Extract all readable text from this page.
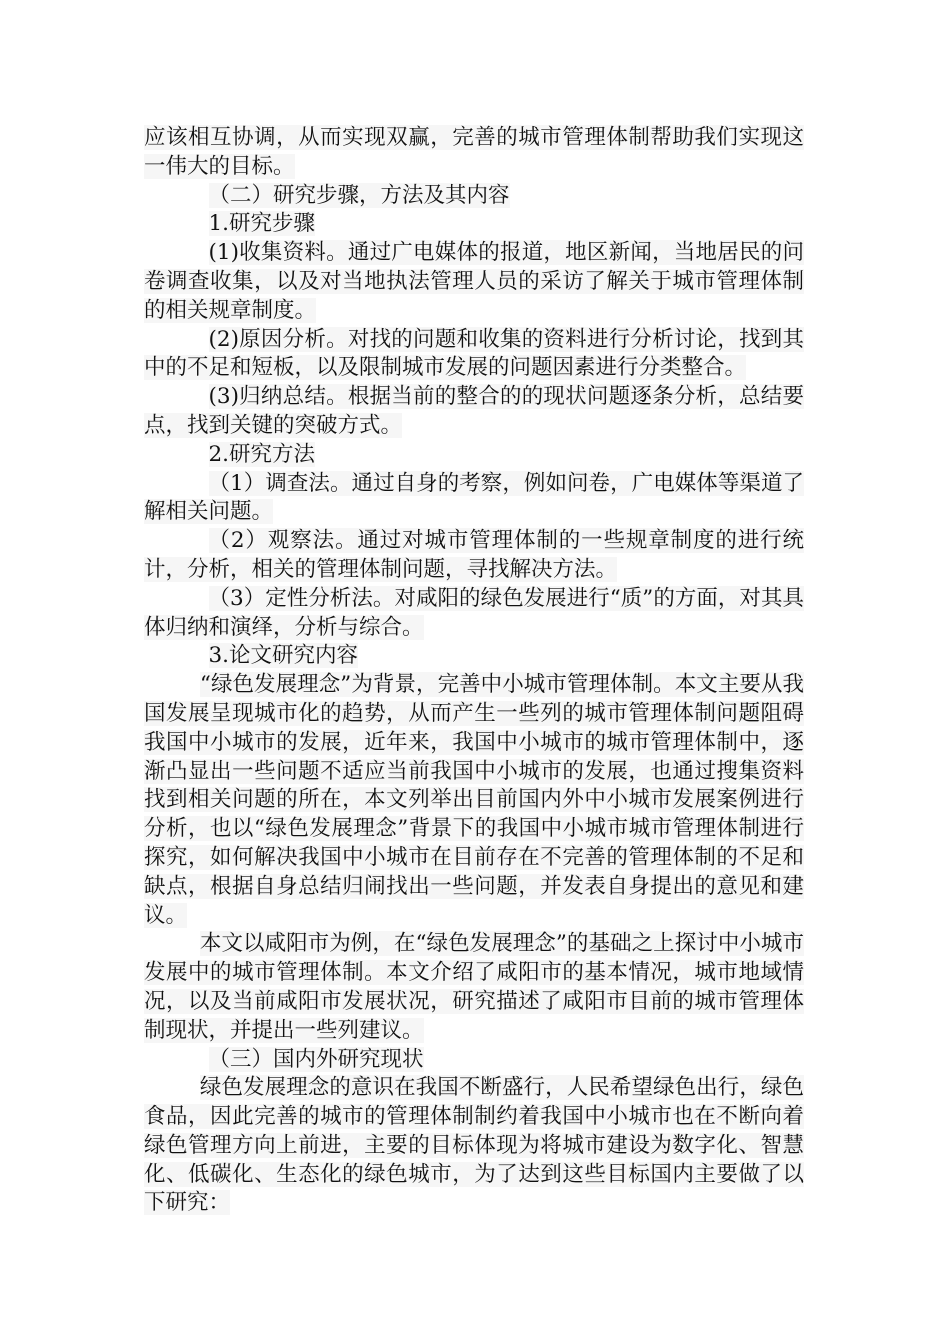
应该相互协调，从而实现双赢，完善的城市管理体制帮助我们实现这一伟大的目标。

（二）研究步骤，方法及其内容

1.研究步骤

(1)收集资料。通过广电媒体的报道，地区新闻，当地居民的问卷调查收集，以及对当地执法管理人员的采访了解关于城市管理体制的相关规章制度。

(2)原因分析。对找的问题和收集的资料进行分析讨论，找到其中的不足和短板，以及限制城市发展的问题因素进行分类整合。

(3)归纳总结。根据当前的整合的的现状问题逐条分析，总结要点，找到关键的突破方式。

2.研究方法

（1）调查法。通过自身的考察，例如问卷，广电媒体等渠道了解相关问题。

（2）观察法。通过对城市管理体制的一些规章制度的进行统计，分析，相关的管理体制问题，寻找解决方法。

（3）定性分析法。对咸阳的绿色发展进行“质”的方面，对其具体归纳和演绎，分析与综合。

3.论文研究内容

“绿色发展理念”为背景，完善中小城市管理体制。本文主要从我国发展呈现城市化的趋势，从而产生一些列的城市管理体制问题阻碍我国中小城市的发展，近年来，我国中小城市的城市管理体制中，逐渐凸显出一些问题不适应当前我国中小城市的发展，也通过搜集资料找到相关问题的所在，本文列举出目前国内外中小城市发展案例进行分析，也以“绿色发展理念”背景下的我国中小城市城市管理体制进行探究，如何解决我国中小城市在目前存在不完善的管理体制的不足和缺点，根据自身总结归闹找出一些问题，并发表自身提出的意见和建议。

本文以咸阳市为例，在“绿色发展理念”的基础之上探讨中小城市发展中的城市管理体制。本文介绍了咸阳市的基本情况，城市地域情况，以及当前咸阳市发展状况，研究描述了咸阳市目前的城市管理体制现状，并提出一些列建议。

（三）国内外研究现状

绿色发展理念的意识在我国不断盛行，人民希望绿色出行，绿色食品，因此完善的城市的管理体制制约着我国中小城市也在不断向着绿色管理方向上前进，主要的目标体现为将城市建设为数字化、智慧化、低碳化、生态化的绿色城市，为了达到这些目标国内主要做了以下研究：
